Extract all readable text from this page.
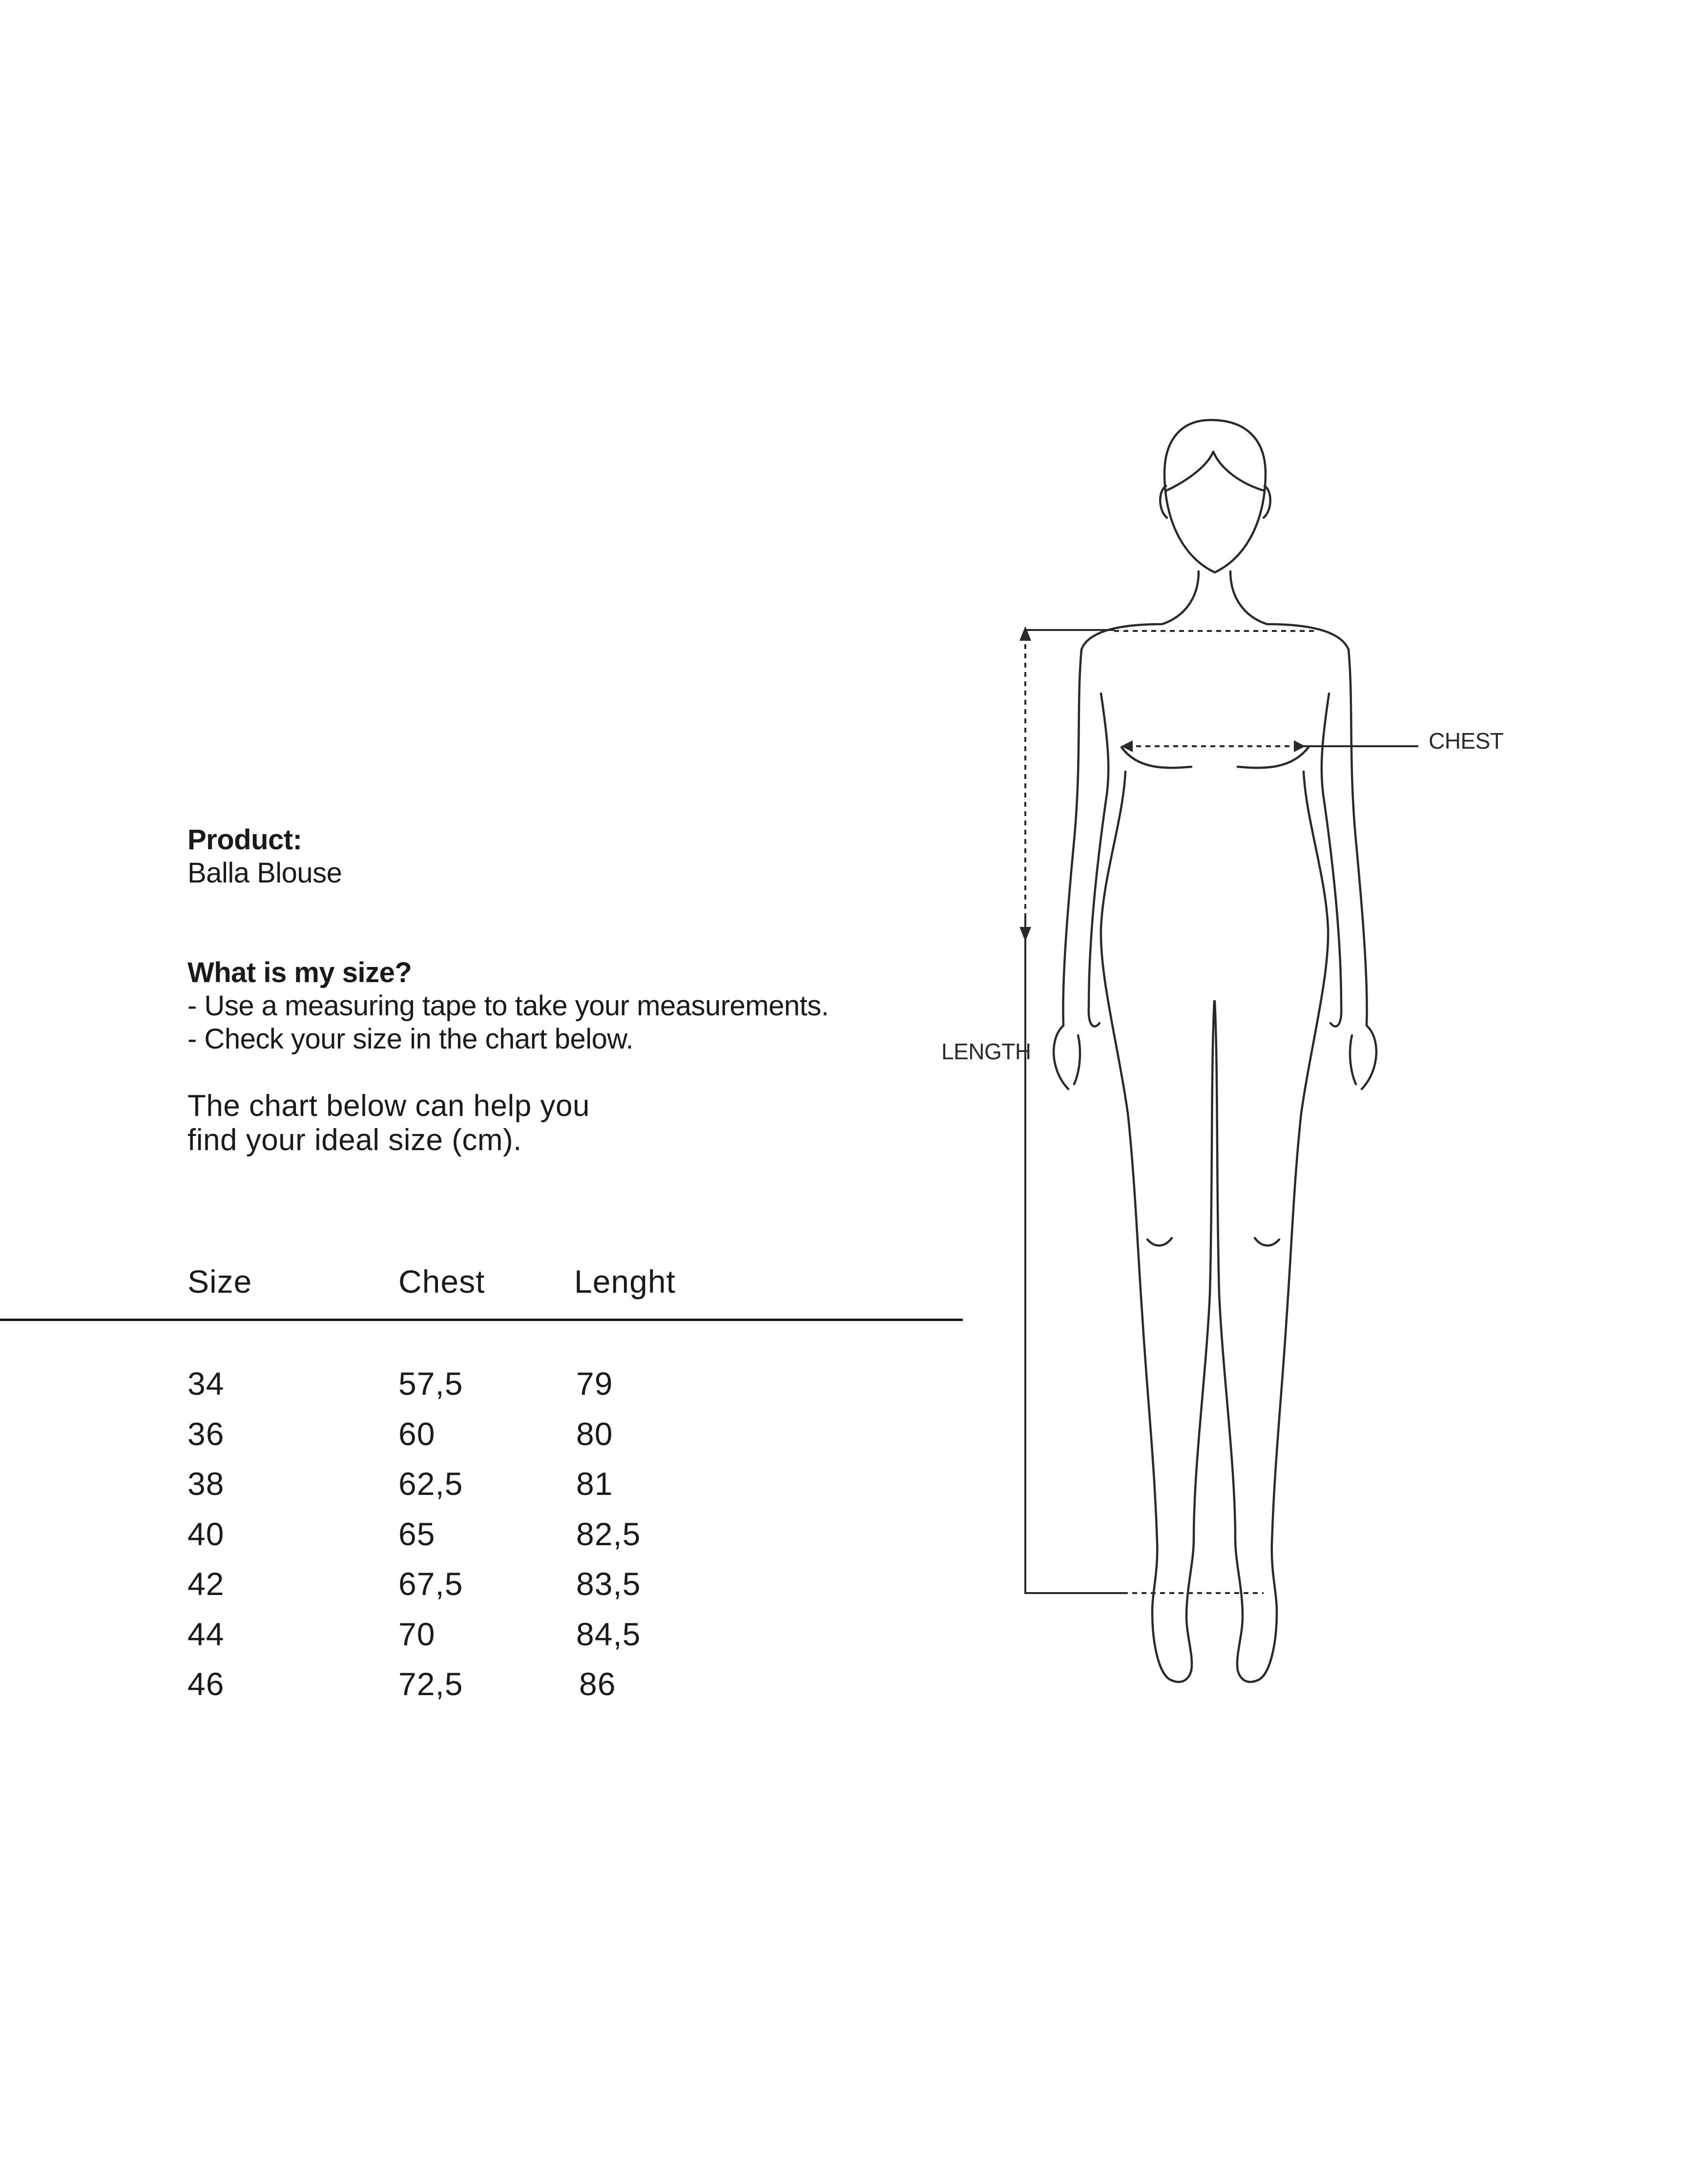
Product:
Balla Blouse
What is my size?
- Use a measuring tape to take your measurements.
- Check your size in the chart below.
The chart below can help you
find your ideal size (cm).
Size	Chest	Lenght
34	57,5	79
36	60	80
38	62,5	81
40	65	82,5
42	67,5	83,5
44	70	84,5
46	72,5	86
CHEST
LENGTH
